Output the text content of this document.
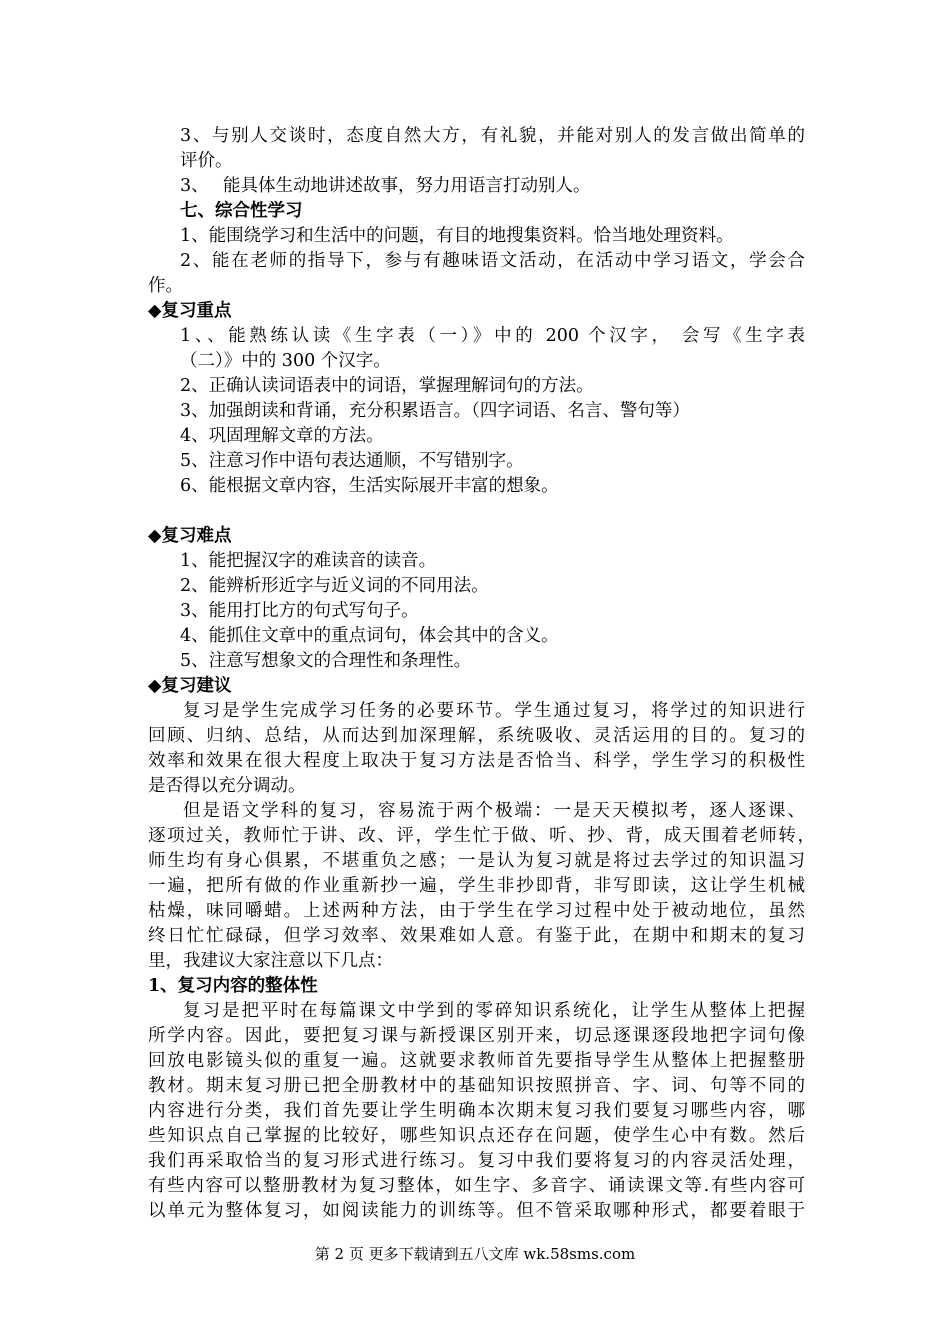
第 2 页 更多下载请到五八文库 wk.58sms.com
3、与别人交谈时，态度自然大方，有礼貌，并能对别人的发言做出简单的
评价。
3、　 能具体生动地讲述故事，努力用语言打动别人。
七、综合性学习
1、能围绕学习和生活中的问题，有目的地搜集资料。恰当地处理资料。
2、能在老师的指导下，参与有趣味语文活动，在活动中学习语文，学会合
作。
◆复习重点
1、、能熟练认读《生字表（一）》中的 200 个汉字， 会写《生字表
（二）》中的 300 个汉字。
2、正确认读词语表中的词语，掌握理解词句的方法。
3、加强朗读和背诵，充分积累语言。（四字词语、名言、警句等）
4、巩固理解文章的方法。
5、注意习作中语句表达通顺，不写错别字。
6、能根据文章内容，生活实际展开丰富的想象。
◆复习难点
1、能把握汉字的难读音的读音。
2、能辨析形近字与近义词的不同用法。
3、能用打比方的句式写句子。
4、能抓住文章中的重点词句，体会其中的含义。
5、注意写想象文的合理性和条理性。
◆复习建议
复习是学生完成学习任务的必要环节。学生通过复习，将学过的知识进行
回顾、归纳、总结，从而达到加深理解，系统吸收、灵活运用的目的。复习的
效率和效果在很大程度上取决于复习方法是否恰当、科学，学生学习的积极性
是否得以充分调动。
但是语文学科的复习，容易流于两个极端：一是天天模拟考，逐人逐课、
逐项过关，教师忙于讲、改、评，学生忙于做、听、抄、背，成天围着老师转，
师生均有身心俱累，不堪重负之感；一是认为复习就是将过去学过的知识温习
一遍，把所有做的作业重新抄一遍，学生非抄即背，非写即读，这让学生机械
枯燥，味同嚼蜡。上述两种方法，由于学生在学习过程中处于被动地位，虽然
终日忙忙碌碌，但学习效率、效果难如人意。有鉴于此，在期中和期末的复习
里，我建议大家注意以下几点：
1、复习内容的整体性
复习是把平时在每篇课文中学到的零碎知识系统化，让学生从整体上把握
所学内容。因此，要把复习课与新授课区别开来，切忌逐课逐段地把字词句像
回放电影镜头似的重复一遍。这就要求教师首先要指导学生从整体上把握整册
教材。期末复习册已把全册教材中的基础知识按照拼音、字、词、句等不同的
内容进行分类，我们首先要让学生明确本次期末复习我们要复习哪些内容，哪
些知识点自己掌握的比较好，哪些知识点还存在问题，使学生心中有数。然后
我们再采取恰当的复习形式进行练习。复习中我们要将复习的内容灵活处理，
有些内容可以整册教材为复习整体，如生字、多音字、诵读课文等.有些内容可
以单元为整体复习，如阅读能力的训练等。但不管采取哪种形式，都要着眼于
